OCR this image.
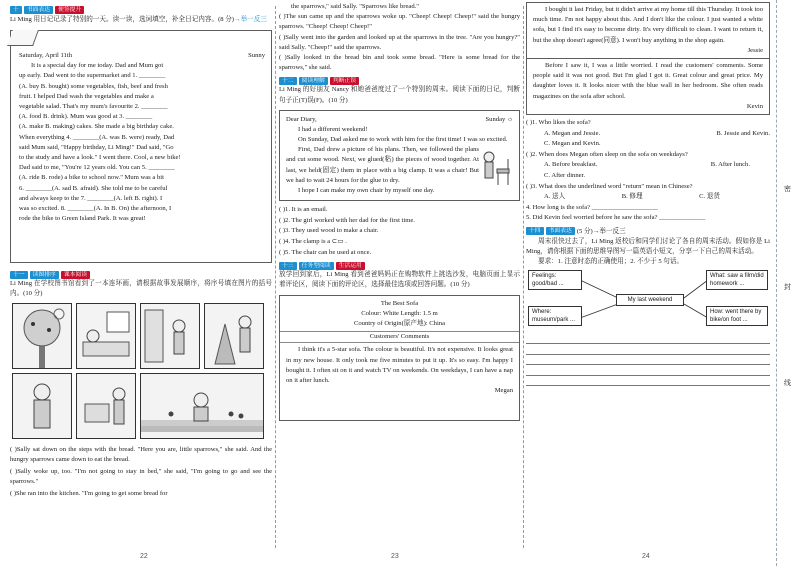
十	书面表达	便签提升
Li Ming 用日记记录了特别的一天。读一读，选词填空，补全日记内容。(8 分)→举一反三
Saturday, April 11th	Sunny
It is a special day for me today. Dad and Mum got
up early. Dad went to the supermarket and 1. ________
(A. buy B. bought) some vegetables, fish, beef and fresh
fruit. I helped Dad wash the vegetables and make a
vegetable salad. That's my mum's favourite 2. ________
(A. food B. drink). Mum was good at 3. ________
(A. make B. making) cakes. She made a big birthday cake.
When everything 4. ________(A. was B. were) ready, Dad
said Mum said, "Happy birthday, Li Ming!" Dad said, "Go
to the study and have a look." I went there. Cool, a new bike!
Dad said to me, "You're 12 years old. You can 5. ________
(A. ride B. rode) a bike to school now." Mum was a bit
6. ________(A. sad B. afraid). She told me to be careful
and always keep to the 7. ________(A. left B. right). I
was so excited. 8. ________(A. In B. On) the afternoon, I
rode the bike to Green Island Park. It was great!
十一	读图排序	课本阅读
Li Ming 在学校图书馆看到了一本连环画，请根据故事发展顺序，将序号填在图片的括号内。(10 分)
( )Sally sat down on the steps with the bread. "Here you are, little sparrows," she said. And the hungry sparrows came down to eat the bread.
( )Sally woke up, too. "I'm not going to stay in bed," she said, "I'm going to go and see the sparrows."
( )She ran into the kitchen. "I'm going to get some bread for
22
the sparrows," said Sally. "Sparrows like bread."
( )The sun came up and the sparrows woke up. "Cheep! Cheep! Cheep!" said the hungry sparrows. "Cheep! Cheep! Cheep!"
( )Sally went into the garden and looked up at the sparrows in the tree. "Are you hungry?" said Sally. "Cheep!" said the sparrows.
( )Sally looked in the bread bin and took some bread. "Here is some bread for the sparrows," she said.
十二	阅读理解	判断正误
Li Ming 的好朋友 Nancy 和她爸爸度过了一个特别的周末。阅读下面的日记，判断句子正(T)误(F)。(10 分)
Dear Diary,	Sunday ☼
I had a different weekend!
On Sunday, Dad asked me to work with him for the first time! I was so excited.
First, Dad drew a picture of his plans. Then, we followed the plans and cut some wood. Next, we glued(粘) the pieces of wood together. At last, we held(固定) them in place with a big clamp. It was a chair! But we had to wait 24 hours for the glue to dry.
I hope I can make my own chair by myself one day.
( )1. It is an email.
( )2. The girl worked with her dad for the first time.
( )3. They used wood to make a chair.
( )4. The clamp is a ⊂▭ .
( )5. The chair can be used at once.
十三	任务型阅读	生活运用
放学回到家后，Li Ming 看到爸爸妈妈正在购物软件上挑选沙发，电脑页面上显示着评论区，阅读下面的评论区，选择最佳选项或回答问题。(10 分)
The Best Sofa
Colour: White Length: 1.5 m
Country of Origin(原产地): China
Customers' Comments
I think it's a 5-star sofa. The colour is beautiful. It's not expensive. It looks great in my new house. It only took me five minutes to put it up. It's so easy. I'm happy I bought it. I often sit on it and watch TV on weekends. On weekdays, I can have a nap on it after lunch.
Megan
23
I bought it last Friday, but it didn't arrive at my home till this Thursday. It took too much time. I'm not happy about this. And I don't like the colour. I just wanted a white sofa, but I find it's easy to become dirty. It's very difficult to clean. I want to return it, but the shop doesn't agree(同意). I won't buy anything in the shop again.
Jessie
Before I saw it, I was a little worried. I read the customers' comments. Some people said it was not good. But I'm glad I got it. Great colour and great price. My daughter loves it. It looks nicer with the blue wall in her bedroom. She often reads magazines on the sofa after school.
Kevin
( )1. Who likes the sofa?
A. Megan and Jessie.	B. Jessie and Kevin.
C. Megan and Kevin.
( )2. When does Megan often sleep on the sofa on weekdays?
A. Before breakfast.	B. After lunch.
C. After dinner.
( )3. What does the underlined word "return" mean in Chinese?
A. 送人	B. 修理	C. 退货
4. How long is the sofa? ____________________
5. Did Kevin feel worried before he saw the sofa? ______________
十四	书面表达 (5 分)→举一反三
周末很快过去了，Li Ming 返校后和同学们讨论了各自的周末活动。假如你是 Li Ming，请你根据下面的思维导图写一篇英语小短文，分享一下自己的周末活动。
要求：1. 注意时态的正确使用；2. 不少于 5 句话。
Feelings: good/bad ...
Where: museum/park ...
My last weekend
What: saw a film/did homework ...
How: went there by bike/on foot ...
24
密
封
线
